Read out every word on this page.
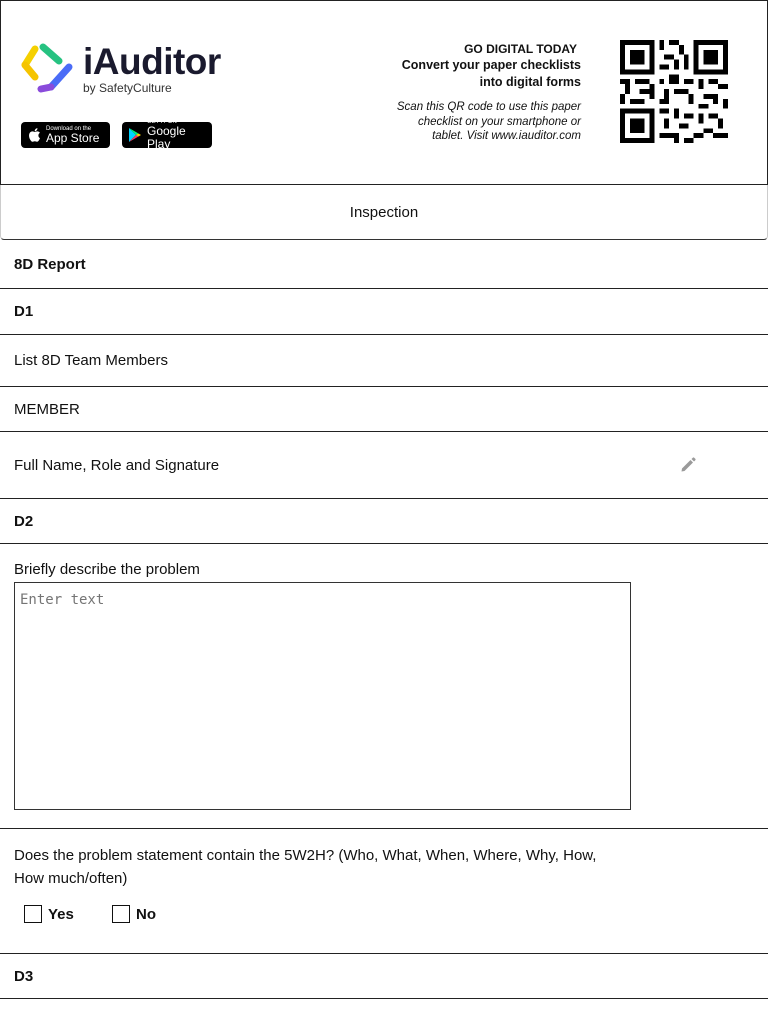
iAuditor
by SafetyCulture
Download on the
App Store
GET IT ON
Google Play
GO DIGITAL TODAY
Convert your paper checklists into digital forms
Scan this QR code to use this paper checklist on your smartphone or tablet. Visit www.iauditor.com
Inspection
8D Report
D1
List 8D Team Members
MEMBER
Full Name, Role and Signature
D2
Briefly describe the problem
Enter text
Does the problem statement contain the 5W2H? (Who, What, When, Where, Why, How, How much/often)
Yes	No
D3
